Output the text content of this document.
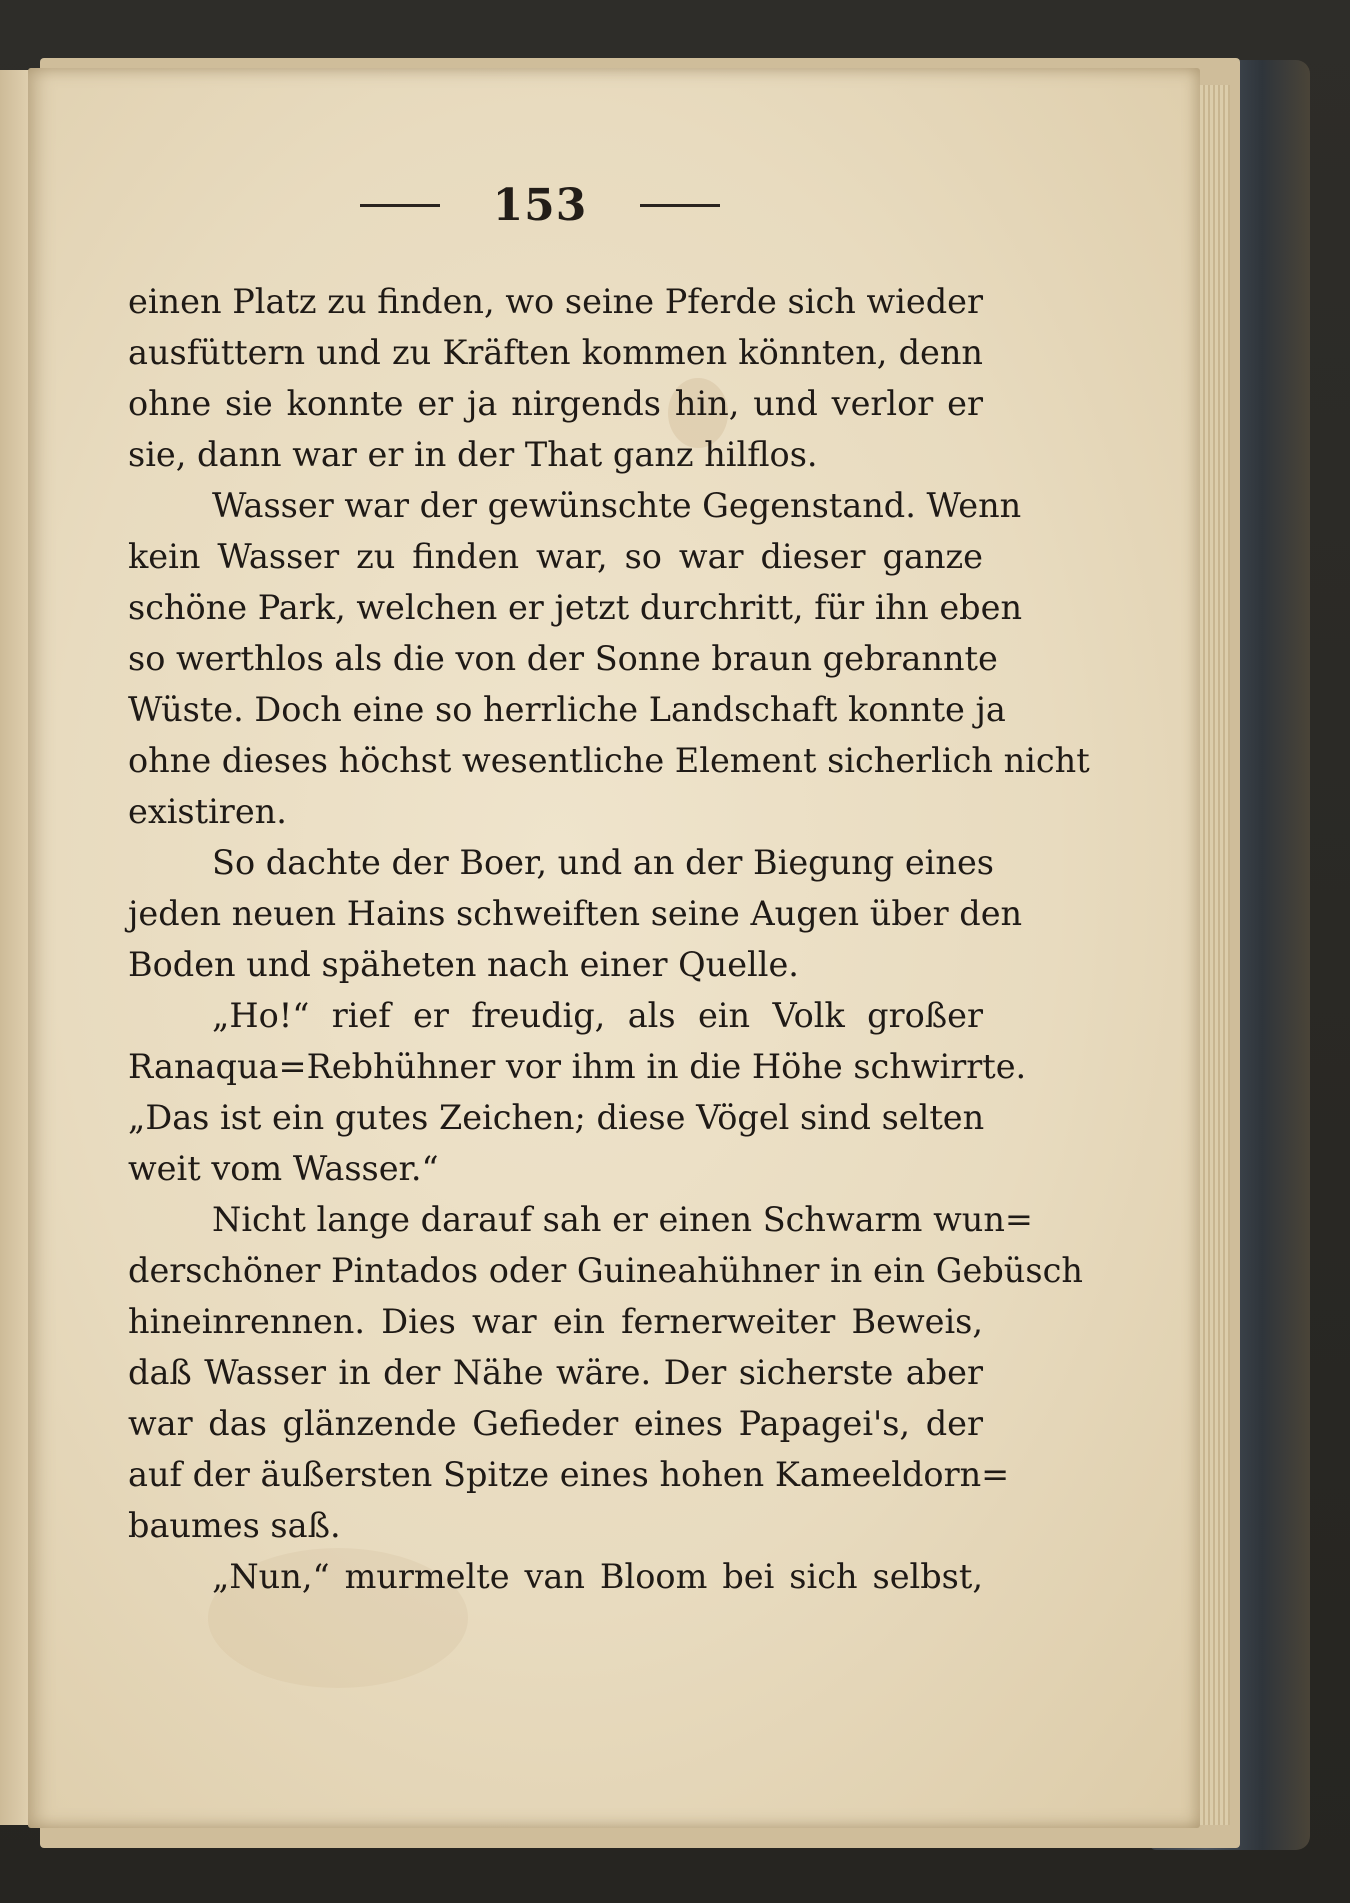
153
einen Platz zu finden, wo seine Pferde sich wieder
ausfüttern und zu Kräften kommen könnten, denn
ohne sie konnte er ja nirgends hin, und verlor er
sie, dann war er in der That ganz hilflos.
Wasser war der gewünschte Gegenstand. Wenn
kein Wasser zu finden war, so war dieser ganze
schöne Park, welchen er jetzt durchritt, für ihn eben
so werthlos als die von der Sonne braun gebrannte
Wüste. Doch eine so herrliche Landschaft konnte ja
ohne dieses höchst wesentliche Element sicherlich nicht
existiren.
So dachte der Boer, und an der Biegung eines
jeden neuen Hains schweiften seine Augen über den
Boden und späheten nach einer Quelle.
„Ho!“ rief er freudig, als ein Volk großer
Ranaqua=Rebhühner vor ihm in die Höhe schwirrte.
„Das ist ein gutes Zeichen; diese Vögel sind selten
weit vom Wasser.“
Nicht lange darauf sah er einen Schwarm wun=
derschöner Pintados oder Guineahühner in ein Gebüsch
hineinrennen. Dies war ein fernerweiter Beweis,
daß Wasser in der Nähe wäre. Der sicherste aber
war das glänzende Gefieder eines Papagei's, der
auf der äußersten Spitze eines hohen Kameeldorn=
baumes saß.
„Nun,“ murmelte van Bloom bei sich selbst,
